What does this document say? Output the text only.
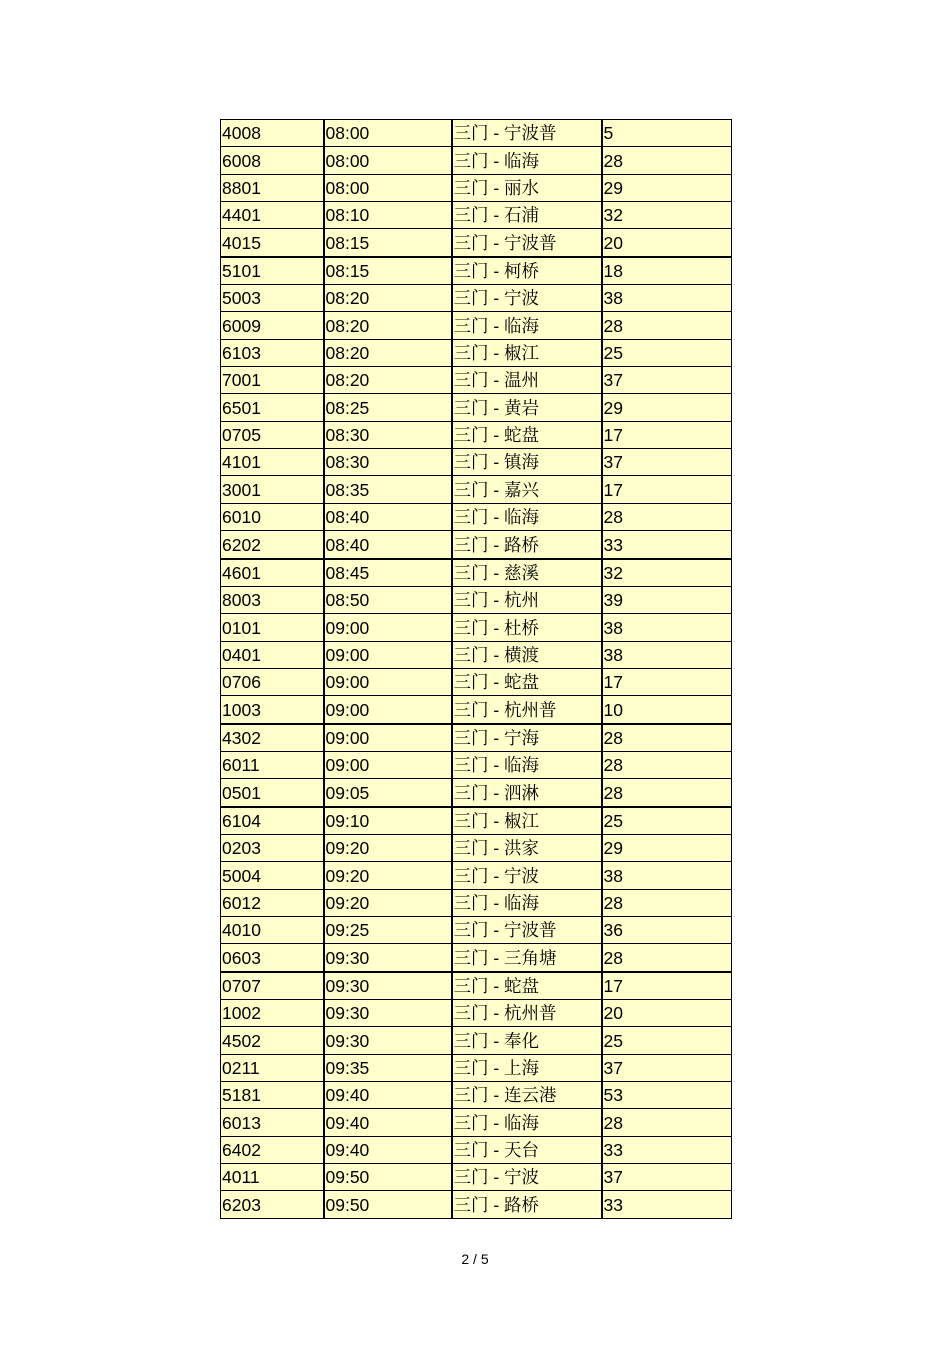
4008	08:00	三门 - 宁波普	5
6008	08:00	三门 - 临海	28
8801	08:00	三门 - 丽水	29
4401	08:10	三门 - 石浦	32
4015	08:15	三门 - 宁波普	20
5101	08:15	三门 - 柯桥	18
5003	08:20	三门 - 宁波	38
6009	08:20	三门 - 临海	28
6103	08:20	三门 - 椒江	25
7001	08:20	三门 - 温州	37
6501	08:25	三门 - 黄岩	29
0705	08:30	三门 - 蛇盘	17
4101	08:30	三门 - 镇海	37
3001	08:35	三门 - 嘉兴	17
6010	08:40	三门 - 临海	28
6202	08:40	三门 - 路桥	33
4601	08:45	三门 - 慈溪	32
8003	08:50	三门 - 杭州	39
0101	09:00	三门 - 杜桥	38
0401	09:00	三门 - 横渡	38
0706	09:00	三门 - 蛇盘	17
1003	09:00	三门 - 杭州普	10
4302	09:00	三门 - 宁海	28
6011	09:00	三门 - 临海	28
0501	09:05	三门 - 泗淋	28
6104	09:10	三门 - 椒江	25
0203	09:20	三门 - 洪家	29
5004	09:20	三门 - 宁波	38
6012	09:20	三门 - 临海	28
4010	09:25	三门 - 宁波普	36
0603	09:30	三门 - 三角塘	28
0707	09:30	三门 - 蛇盘	17
1002	09:30	三门 - 杭州普	20
4502	09:30	三门 - 奉化	25
0211	09:35	三门 - 上海	37
5181	09:40	三门 - 连云港	53
6013	09:40	三门 - 临海	28
6402	09:40	三门 - 天台	33
4011	09:50	三门 - 宁波	37
6203	09:50	三门 - 路桥	33
2 / 5
